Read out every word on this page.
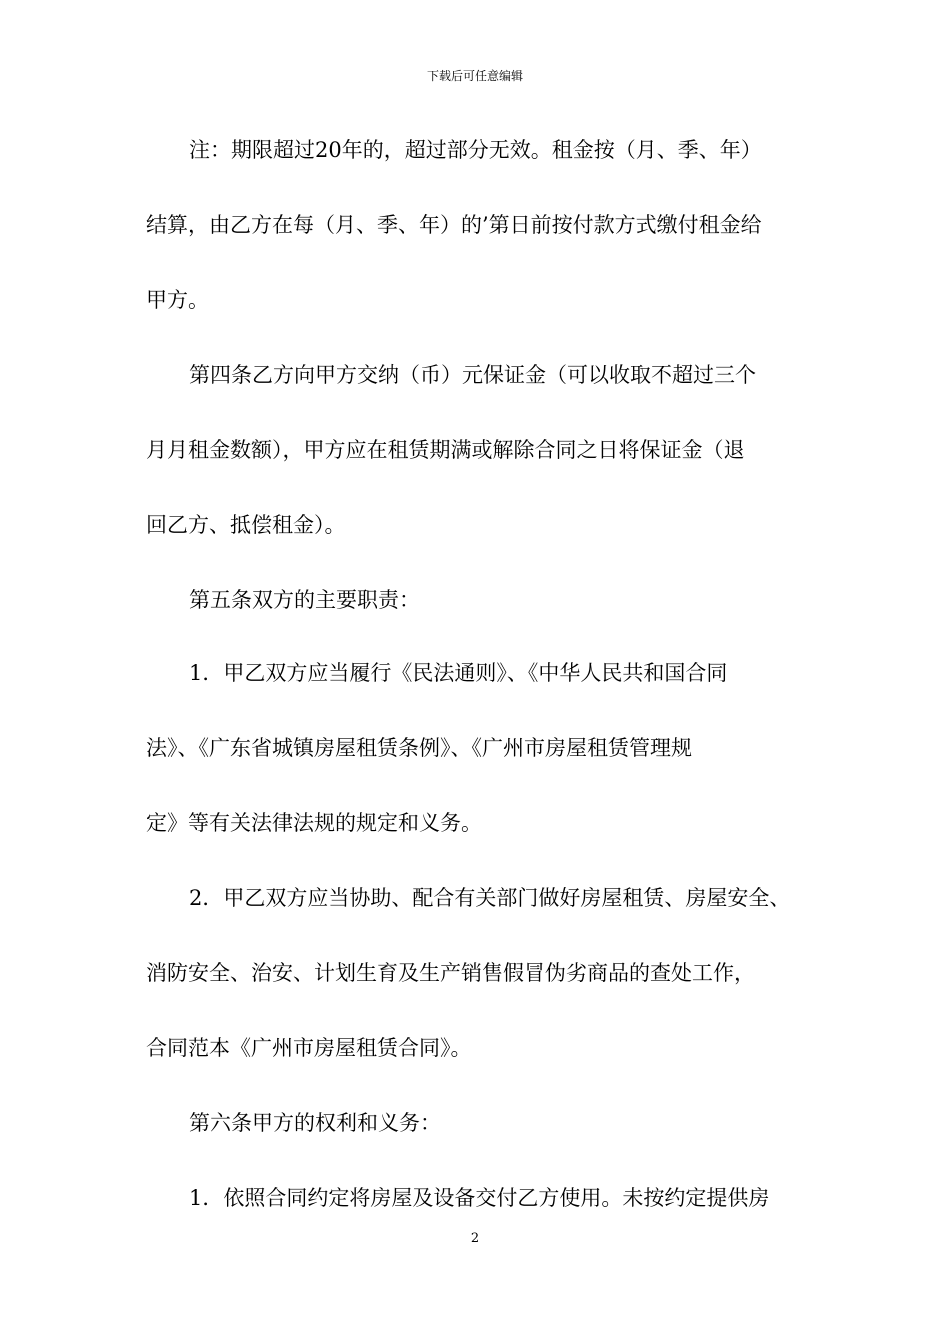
下载后可任意编辑
注：期限超过20年的，超过部分无效。租金按（月、季、年）
结算，由乙方在每（月、季、年）的’第日前按付款方式缴付租金给
甲方。
第四条乙方向甲方交纳（币）元保证金（可以收取不超过三个
月月租金数额），甲方应在租赁期满或解除合同之日将保证金（退
回乙方、抵偿租金）。
第五条双方的主要职责：
1．甲乙双方应当履行《民法通则》、《中华人民共和国合同
法》、《广东省城镇房屋租赁条例》、《广州市房屋租赁管理规
定》等有关法律法规的规定和义务。
2．甲乙双方应当协助、配合有关部门做好房屋租赁、房屋安全、
消防安全、治安、计划生育及生产销售假冒伪劣商品的查处工作，
合同范本《广州市房屋租赁合同》。
第六条甲方的权利和义务：
1．依照合同约定将房屋及设备交付乙方使用。未按约定提供房
2
